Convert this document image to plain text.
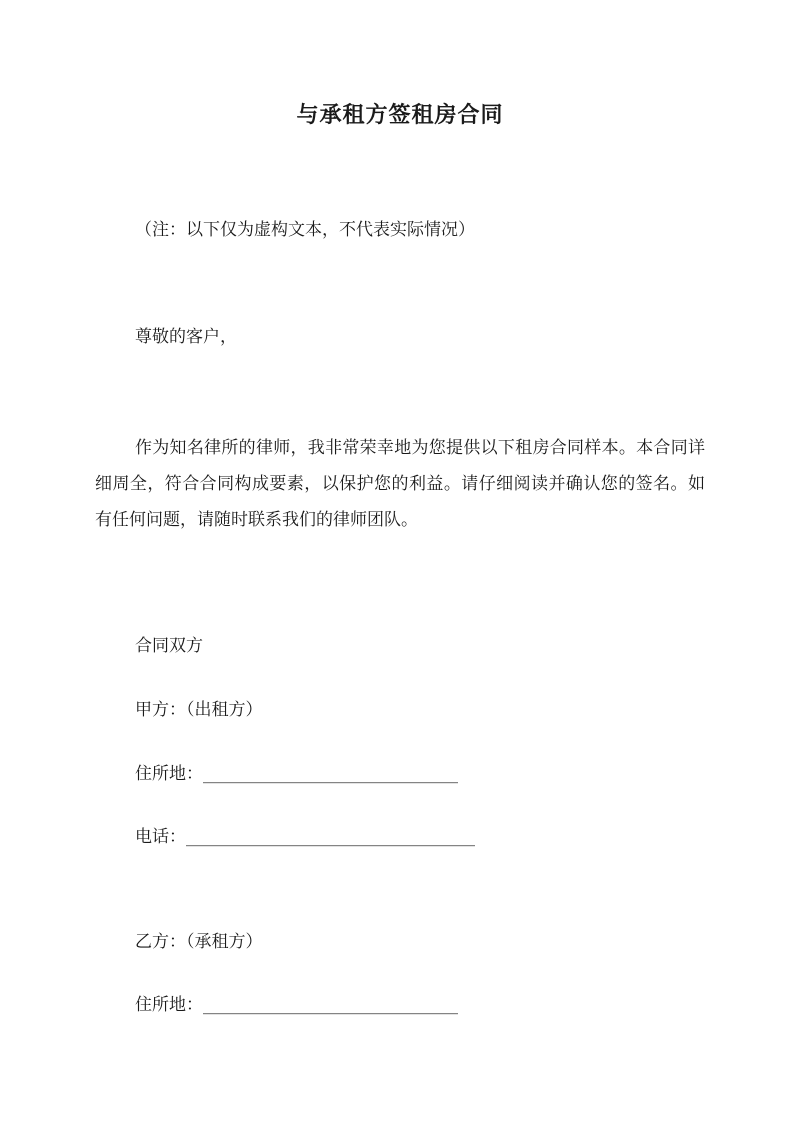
与承租方签租房合同
（注：以下仅为虚构文本，不代表实际情况）
尊敬的客户，
作为知名律所的律师，我非常荣幸地为您提供以下租房合同样本。本合同详细周全，符合合同构成要素，以保护您的利益。请仔细阅读并确认您的签名。如有任何问题，请随时联系我们的律师团队。
合同双方
甲方：（出租方）
住所地：______________________________
电话：__________________________________
乙方：（承租方）
住所地：______________________________
